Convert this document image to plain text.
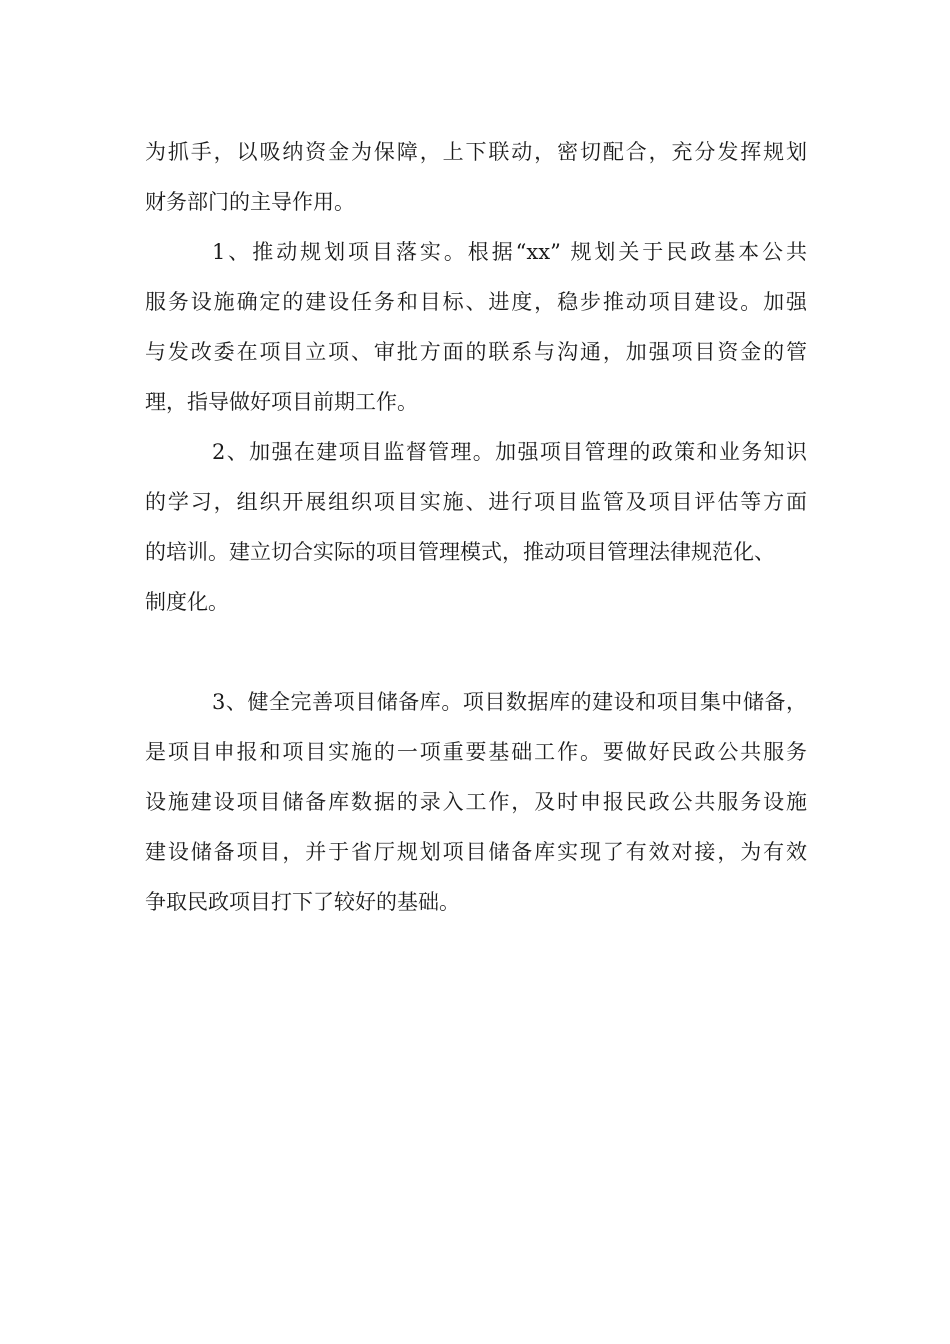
为抓手，以吸纳资金为保障，上下联动，密切配合，充分发挥规划
财务部门的主导作用。
1、推动规划项目落实。根据“xx” 规划关于民政基本公共
服务设施确定的建设任务和目标、进度，稳步推动项目建设。加强
与发改委在项目立项、审批方面的联系与沟通，加强项目资金的管
理，指导做好项目前期工作。
2、加强在建项目监督管理。加强项目管理的政策和业务知识
的学习，组织开展组织项目实施、进行项目监管及项目评估等方面
的培训。建立切合实际的项目管理模式，推动项目管理法律规范化、
制度化。
3、健全完善项目储备库。项目数据库的建设和项目集中储备，
是项目申报和项目实施的一项重要基础工作。要做好民政公共服务
设施建设项目储备库数据的录入工作，及时申报民政公共服务设施
建设储备项目，并于省厅规划项目储备库实现了有效对接，为有效
争取民政项目打下了较好的基础。
